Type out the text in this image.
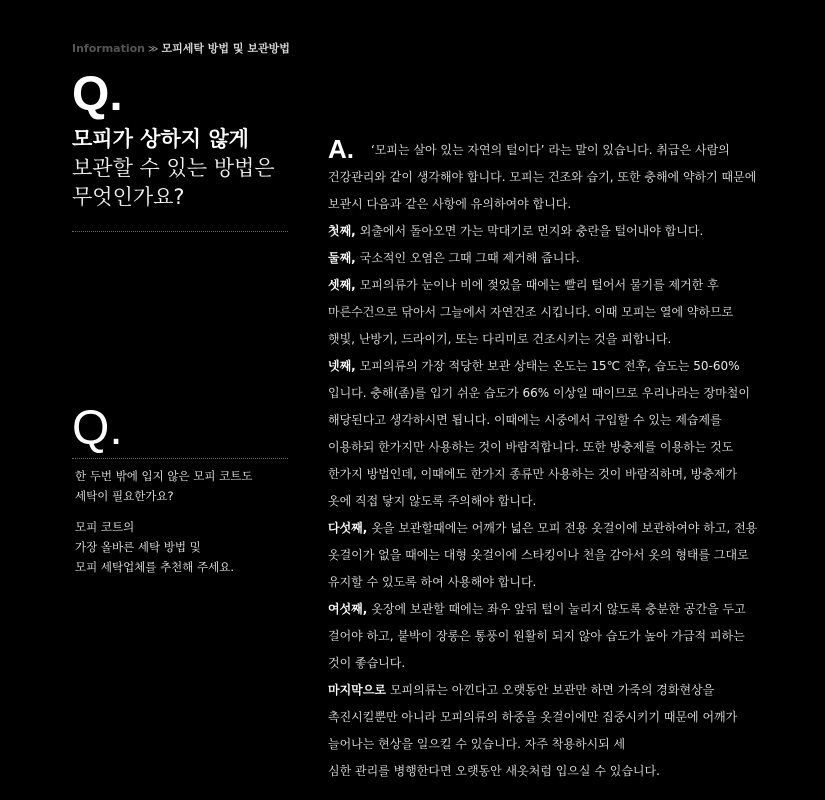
Information ≫ 모피세탁 방법 및 보관방법
Q.
모피가 상하지 않게
보관할 수 있는 방법은
무엇인가요?
Q.
한 두번 밖에 입지 않은 모피 코트도
세탁이 필요한가요?
모피 코트의
가장 올바른 세탁 방법 및
모피 세탁업체를 추천해 주세요.
A.	‘모피는 살아 있는 자연의 털이다’ 라는 말이 있습니다. 취급은 사람의
건강관리와 같이 생각해야 합니다. 모피는 건조와 습기, 또한 충해에 약하기 때문에
보관시 다음과 같은 사항에 유의하여야 합니다.
첫째, 외출에서 돌아오면 가는 막대기로 먼지와 충란을 털어내야 합니다.
둘째, 국소적인 오염은 그때 그때 제거해 줍니다.
셋째, 모피의류가 눈이나 비에 젖었을 때에는 빨리 털어서 물기를 제거한 후
마른수건으로 닦아서 그늘에서 자연건조 시킵니다. 이때 모피는 열에 약하므로
햇빛, 난방기, 드라이기, 또는 다리미로 건조시키는 것을 피합니다.
넷째, 모피의류의 가장 적당한 보관 상태는 온도는 15℃ 전후, 습도는 50-60%
입니다. 충해(좀)를 입기 쉬운 습도가 66% 이상일 때이므로 우리나라는 장마철이
해당된다고 생각하시면 됩니다. 이때에는 시중에서 구입할 수 있는 제습제를
이용하되 한가지만 사용하는 것이 바람직합니다. 또한 방충제를 이용하는 것도
한가지 방법인데, 이때에도 한가지 종류만 사용하는 것이 바람직하며, 방충제가
옷에 직접 닿지 않도록 주의해야 합니다.
다섯째, 옷을 보관할때에는 어깨가 넓은 모피 전용 옷걸이에 보관하여야 하고, 전용
옷걸이가 없을 때에는 대형 옷걸이에 스타킹이나 천을 감아서 옷의 형태를 그대로
유지할 수 있도록 하여 사용해야 합니다.
여섯째, 옷장에 보관할 때에는 좌우 앞뒤 털이 눌리지 않도록 충분한 공간을 두고
걸어야 하고, 붙박이 장롱은 통풍이 원활히 되지 않아 습도가 높아 가급적 피하는
것이 좋습니다.
마지막으로 모피의류는 아낀다고 오랫동안 보관만 하면 가죽의 경화현상을
촉진시킬뿐만 아니라 모피의류의 하중을 옷걸이에만 집중시키기 때문에 어깨가
늘어나는 현상을 일으킬 수 있습니다. 자주 착용하시되 세
심한 관리를 병행한다면 오랫동안 새옷처럼 입으실 수 있습니다.
